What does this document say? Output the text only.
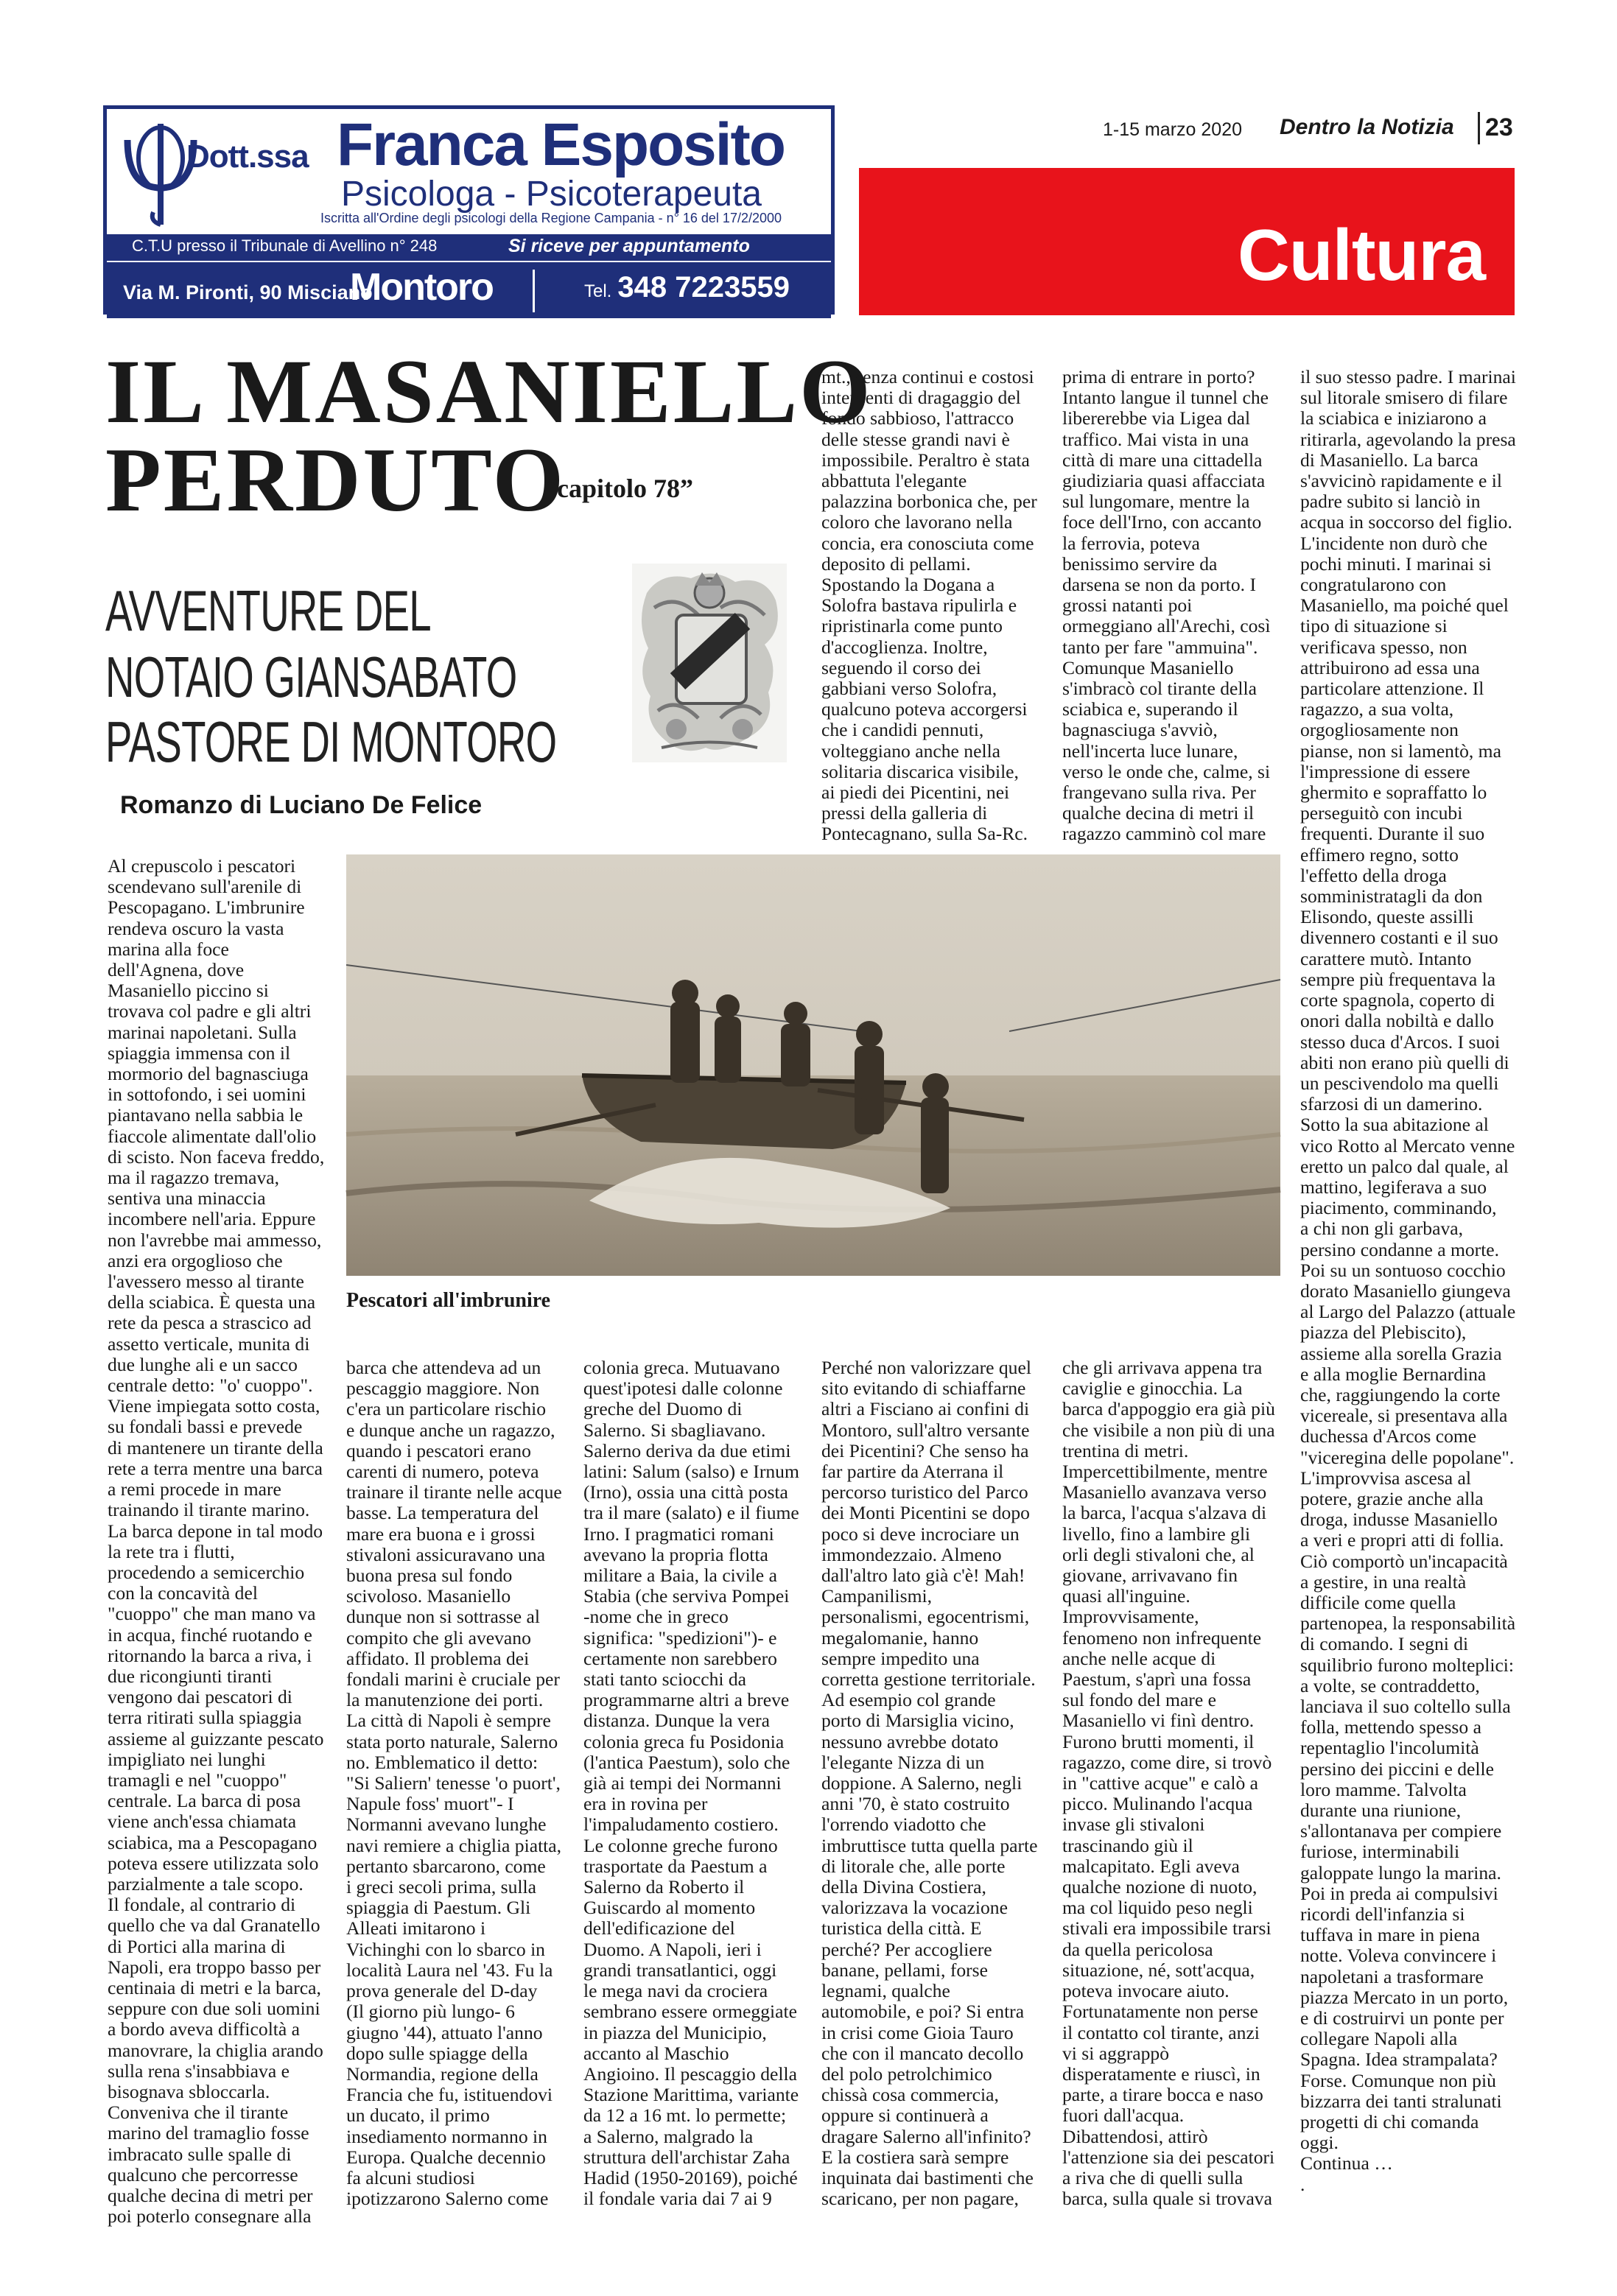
Dott.ssa Franca Esposito
Psicologa - Psicoterapeuta
Iscritta all'Ordine degli psicologi della Regione Campania - n° 16 del 17/2/2000
C.T.U presso il Tribunale di Avellino n° 248	Si riceve per appuntamento
Via M. Pironti, 90 Misciano
Montoro	Tel. 348 7223559
1-15 marzo 2020 Dentro la Notizia 23
Cultura
IL MASANIELLO
PERDUTO
“capitolo 78”
AVVENTURE DEL
NOTAIO GIANSABATO
PASTORE DI MONTORO
Romanzo di Luciano De Felice
Pescatori all'imbrunire
mt., senza continui e costosi
interventi di dragaggio del
fondo sabbioso, l'attracco
delle stesse grandi navi è
impossibile. Peraltro è stata
abbattuta l'elegante
palazzina borbonica che, per
coloro che lavorano nella
concia, era conosciuta come
deposito di pellami.
Spostando la Dogana a
Solofra bastava ripulirla e
ripristinarla come punto
d'accoglienza. Inoltre,
seguendo il corso dei
gabbiani verso Solofra,
qualcuno poteva accorgersi
che i candidi pennuti,
volteggiano anche nella
solitaria discarica visibile,
ai piedi dei Picentini, nei
pressi della galleria di
Pontecagnano, sulla Sa-Rc.
prima di entrare in porto?
Intanto langue il tunnel che
libererebbe via Ligea dal
traffico. Mai vista in una
città di mare una cittadella
giudiziaria quasi affacciata
sul lungomare, mentre la
foce dell'Irno, con accanto
la ferrovia, poteva
benissimo servire da
darsena se non da porto. I
grossi natanti poi
ormeggiano all'Arechi, così
tanto per fare "ammuina".
Comunque Masaniello
s'imbracò col tirante della
sciabica e, superando il
bagnasciuga s'avviò,
nell'incerta luce lunare,
verso le onde che, calme, si
frangevano sulla riva. Per
qualche decina di metri il
ragazzo camminò col mare
il suo stesso padre. I marinai
sul litorale smisero di filare
la sciabica e iniziarono a
ritirarla, agevolando la presa
di Masaniello. La barca
s'avvicinò rapidamente e il
padre subito si lanciò in
acqua in soccorso del figlio.
L'incidente non durò che
pochi minuti. I marinai si
congratularono con
Masaniello, ma poiché quel
tipo di situazione si
verificava spesso, non
attribuirono ad essa una
particolare attenzione. Il
ragazzo, a sua volta,
orgogliosamente non
pianse, non si lamentò, ma
l'impressione di essere
ghermito e sopraffatto lo
perseguitò con incubi
frequenti. Durante il suo
effimero regno, sotto
l'effetto della droga
somministratagli da don
Elisondo, queste assilli
divennero costanti e il suo
carattere mutò. Intanto
sempre più frequentava la
corte spagnola, coperto di
onori dalla nobiltà e dallo
stesso duca d'Arcos. I suoi
abiti non erano più quelli di
un pescivendolo ma quelli
sfarzosi di un damerino.
Sotto la sua abitazione al
vico Rotto al Mercato venne
eretto un palco dal quale, al
mattino, legiferava a suo
piacimento, comminando,
a chi non gli garbava,
persino condanne a morte.
Poi su un sontuoso cocchio
dorato Masaniello giungeva
al Largo del Palazzo (attuale
piazza del Plebiscito),
assieme alla sorella Grazia
e alla moglie Bernardina
che, raggiungendo la corte
vicereale, si presentava alla
duchessa d'Arcos come
"viceregina delle popolane".
L'improvvisa ascesa al
potere, grazie anche alla
droga, indusse Masaniello
a veri e propri atti di follia.
Ciò comportò un'incapacità
a gestire, in una realtà
difficile come quella
partenopea, la responsabilità
di comando. I segni di
squilibrio furono molteplici:
a volte, se contraddetto,
lanciava il suo coltello sulla
folla, mettendo spesso a
repentaglio l'incolumità
persino dei piccini e delle
loro mamme. Talvolta
durante una riunione,
s'allontanava per compiere
furiose, interminabili
galoppate lungo la marina.
Poi in preda ai compulsivi
ricordi dell'infanzia si
tuffava in mare in piena
notte. Voleva convincere i
napoletani a trasformare
piazza Mercato in un porto,
e di costruirvi un ponte per
collegare Napoli alla
Spagna. Idea strampalata?
Forse. Comunque non più
bizzarra dei tanti stralunati
progetti di chi comanda
oggi.
Continua …
.
Al crepuscolo i pescatori
scendevano sull'arenile di
Pescopagano. L'imbrunire
rendeva oscuro la vasta
marina alla foce
dell'Agnena, dove
Masaniello piccino si
trovava col padre e gli altri
marinai napoletani. Sulla
spiaggia immensa con il
mormorio del bagnasciuga
in sottofondo, i sei uomini
piantavano nella sabbia le
fiaccole alimentate dall'olio
di scisto. Non faceva freddo,
ma il ragazzo tremava,
sentiva una minaccia
incombere nell'aria. Eppure
non l'avrebbe mai ammesso,
anzi era orgoglioso che
l'avessero messo al tirante
della sciabica. È questa una
rete da pesca a strascico ad
assetto verticale, munita di
due lunghe ali e un sacco
centrale detto: "o' cuoppo".
Viene impiegata sotto costa,
su fondali bassi e prevede
di mantenere un tirante della
rete a terra mentre una barca
a remi procede in mare
trainando il tirante marino.
La barca depone in tal modo
la rete tra i flutti,
procedendo a semicerchio
con la concavità del
"cuoppo" che man mano va
in acqua, finché ruotando e
ritornando la barca a riva, i
due ricongiunti tiranti
vengono dai pescatori di
terra ritirati sulla spiaggia
assieme al guizzante pescato
impigliato nei lunghi
tramagli e nel "cuoppo"
centrale. La barca di posa
viene anch'essa chiamata
sciabica, ma a Pescopagano
poteva essere utilizzata solo
parzialmente a tale scopo.
Il fondale, al contrario di
quello che va dal Granatello
di Portici alla marina di
Napoli, era troppo basso per
centinaia di metri e la barca,
seppure con due soli uomini
a bordo aveva difficoltà a
manovrare, la chiglia arando
sulla rena s'insabbiava e
bisognava sbloccarla.
Conveniva che il tirante
marino del tramaglio fosse
imbracato sulle spalle di
qualcuno che percorresse
qualche decina di metri per
poi poterlo consegnare alla
barca che attendeva ad un
pescaggio maggiore. Non
c'era un particolare rischio
e dunque anche un ragazzo,
quando i pescatori erano
carenti di numero, poteva
trainare il tirante nelle acque
basse. La temperatura del
mare era buona e i grossi
stivaloni assicuravano una
buona presa sul fondo
scivoloso. Masaniello
dunque non si sottrasse al
compito che gli avevano
affidato. Il problema dei
fondali marini è cruciale per
la manutenzione dei porti.
La città di Napoli è sempre
stata porto naturale, Salerno
no. Emblematico il detto:
"Si Saliern' tenesse 'o puort',
Napule foss' muort"- I
Normanni avevano lunghe
navi remiere a chiglia piatta,
pertanto sbarcarono, come
i greci secoli prima, sulla
spiaggia di Paestum. Gli
Alleati imitarono i
Vichinghi con lo sbarco in
località Laura nel '43. Fu la
prova generale del D-day
(Il giorno più lungo- 6
giugno '44), attuato l'anno
dopo sulle spiagge della
Normandia, regione della
Francia che fu, istituendovi
un ducato, il primo
insediamento normanno in
Europa. Qualche decennio
fa alcuni studiosi
ipotizzarono Salerno come
colonia greca. Mutuavano
quest'ipotesi dalle colonne
greche del Duomo di
Salerno. Si sbagliavano.
Salerno deriva da due etimi
latini: Salum (salso) e Irnum
(Irno), ossia una città posta
tra il mare (salato) e il fiume
Irno. I pragmatici romani
avevano la propria flotta
militare a Baia, la civile a
Stabia (che serviva Pompei
-nome che in greco
significa: "spedizioni")- e
certamente non sarebbero
stati tanto sciocchi da
programmarne altri a breve
distanza. Dunque la vera
colonia greca fu Posidonia
(l'antica Paestum), solo che
già ai tempi dei Normanni
era in rovina per
l'impaludamento costiero.
Le colonne greche furono
trasportate da Paestum a
Salerno da Roberto il
Guiscardo al momento
dell'edificazione del
Duomo. A Napoli, ieri i
grandi transatlantici, oggi
le mega navi da crociera
sembrano essere ormeggiate
in piazza del Municipio,
accanto al Maschio
Angioino. Il pescaggio della
Stazione Marittima, variante
da 12 a 16 mt. lo permette;
a Salerno, malgrado la
struttura dell'archistar Zaha
Hadid (1950-20169), poiché
il fondale varia dai 7 ai 9
Perché non valorizzare quel
sito evitando di schiaffarne
altri a Fisciano ai confini di
Montoro, sull'altro versante
dei Picentini? Che senso ha
far partire da Aterrana il
percorso turistico del Parco
dei Monti Picentini se dopo
poco si deve incrociare un
immondezzaio. Almeno
dall'altro lato già c'è! Mah!
Campanilismi,
personalismi, egocentrismi,
megalomanie, hanno
sempre impedito una
corretta gestione territoriale.
Ad esempio col grande
porto di Marsiglia vicino,
nessuno avrebbe dotato
l'elegante Nizza di un
doppione. A Salerno, negli
anni '70, è stato costruito
l'orrendo viadotto che
imbruttisce tutta quella parte
di litorale che, alle porte
della Divina Costiera,
valorizzava la vocazione
turistica della città. E
perché? Per accogliere
banane, pellami, forse
legnami, qualche
automobile, e poi? Si entra
in crisi come Gioia Tauro
che con il mancato decollo
del polo petrolchimico
chissà cosa commercia,
oppure si continuerà a
dragare Salerno all'infinito?
E la costiera sarà sempre
inquinata dai bastimenti che
scaricano, per non pagare,
che gli arrivava appena tra
caviglie e ginocchia. La
barca d'appoggio era già più
che visibile a non più di una
trentina di metri.
Impercettibilmente, mentre
Masaniello avanzava verso
la barca, l'acqua s'alzava di
livello, fino a lambire gli
orli degli stivaloni che, al
giovane, arrivavano fin
quasi all'inguine.
Improvvisamente,
fenomeno non infrequente
anche nelle acque di
Paestum, s'aprì una fossa
sul fondo del mare e
Masaniello vi finì dentro.
Furono brutti momenti, il
ragazzo, come dire, si trovò
in "cattive acque" e calò a
picco. Mulinando l'acqua
invase gli stivaloni
trascinando giù il
malcapitato. Egli aveva
qualche nozione di nuoto,
ma col liquido peso negli
stivali era impossibile trarsi
da quella pericolosa
situazione, né, sott'acqua,
poteva invocare aiuto.
Fortunatamente non perse
il contatto col tirante, anzi
vi si aggrappò
disperatamente e riuscì, in
parte, a tirare bocca e naso
fuori dall'acqua.
Dibattendosi, attirò
l'attenzione sia dei pescatori
a riva che di quelli sulla
barca, sulla quale si trovava
